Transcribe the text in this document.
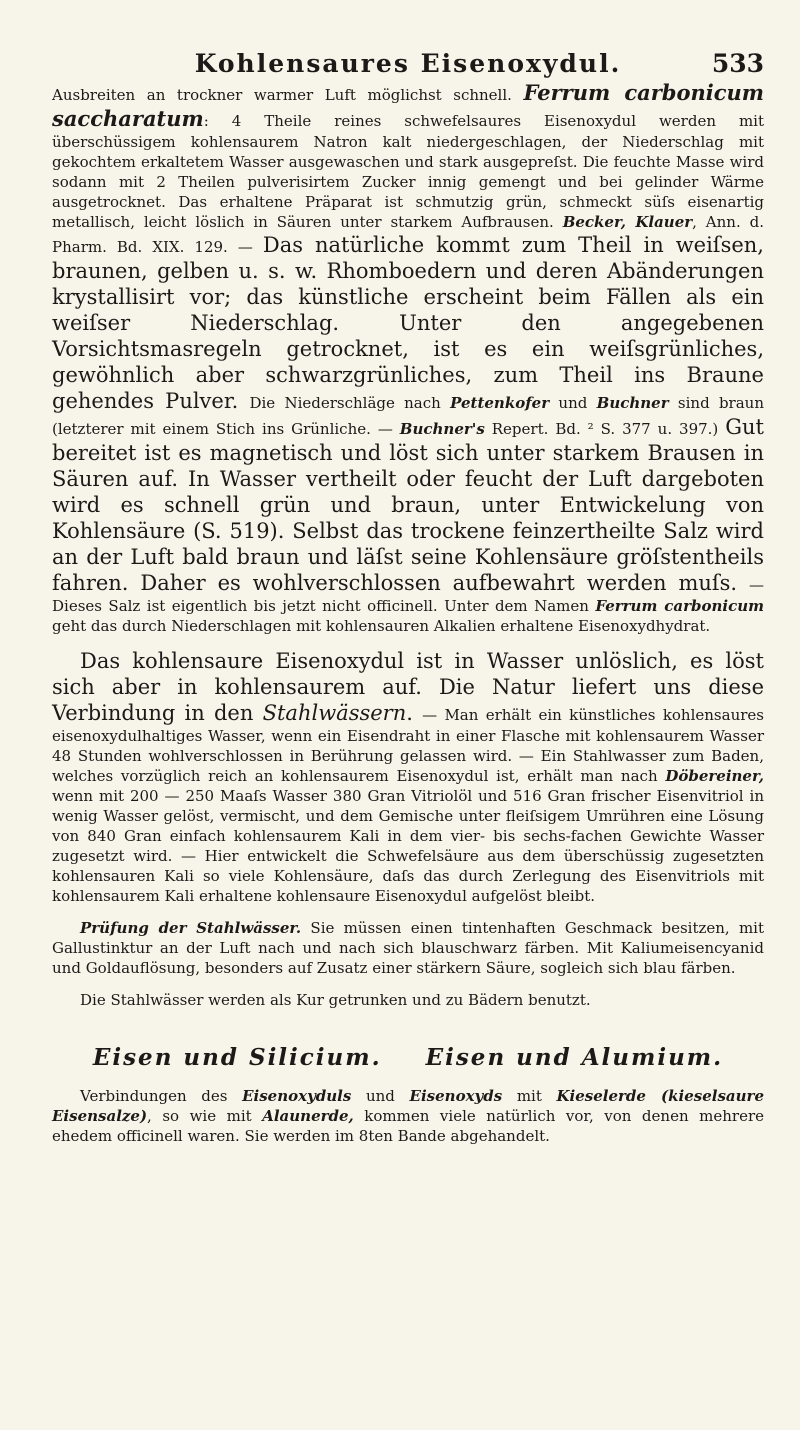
Kohlensaures Eisenoxydul.	533

Ausbreiten an trockner warmer Luft möglichst schnell. Ferrum carbonicum saccharatum: 4 Theile reines schwefelsaures Eisenoxydul werden mit überschüssigem kohlensaurem Natron kalt niedergeschlagen, der Niederschlag mit gekochtem erkaltetem Wasser ausgewaschen und stark ausgepreſst. Die feuchte Masse wird sodann mit 2 Theilen pulverisirtem Zucker innig gemengt und bei gelinder Wärme ausgetrocknet. Das erhaltene Präparat ist schmutzig grün, schmeckt süſs eisenartig metallisch, leicht löslich in Säuren unter starkem Aufbrausen. Becker, Klauer, Ann. d. Pharm. Bd. XIX. 129. — Das natürliche kommt zum Theil in weiſsen, braunen, gelben u. s. w. Rhomboedern und deren Abänderungen krystallisirt vor; das künstliche erscheint beim Fällen als ein weiſser Niederschlag. Unter den angegebenen Vorsichtsmasregeln getrocknet, ist es ein weiſsgrünliches, gewöhnlich aber schwarzgrünliches, zum Theil ins Braune gehendes Pulver. Die Niederschläge nach Pettenkofer und Buchner sind braun (letzterer mit einem Stich ins Grünliche. — Buchner's Repert. Bd. ² S. 377 u. 397.) Gut bereitet ist es magnetisch und löst sich unter starkem Brausen in Säuren auf. In Wasser vertheilt oder feucht der Luft dargeboten wird es schnell grün und braun, unter Entwickelung von Kohlensäure (S. 519). Selbst das trockene feinzertheilte Salz wird an der Luft bald braun und läſst seine Kohlensäure gröſstentheils fahren. Daher es wohlverschlossen aufbewahrt werden muſs. — Dieses Salz ist eigentlich bis jetzt nicht officinell. Unter dem Namen Ferrum carbonicum geht das durch Niederschlagen mit kohlensauren Alkalien erhaltene Eisenoxydhydrat.

Das kohlensaure Eisenoxydul ist in Wasser unlöslich, es löst sich aber in kohlensaurem auf. Die Natur liefert uns diese Verbindung in den Stahlwässern. — Man erhält ein künstliches kohlensaures eisenoxydulhaltiges Wasser, wenn ein Eisendraht in einer Flasche mit kohlensaurem Wasser 48 Stunden wohlverschlossen in Berührung gelassen wird. — Ein Stahlwasser zum Baden, welches vorzüglich reich an kohlensaurem Eisenoxydul ist, erhält man nach Döbereiner, wenn mit 200 — 250 Maaſs Wasser 380 Gran Vitriolöl und 516 Gran frischer Eisenvitriol in wenig Wasser gelöst, vermischt, und dem Gemische unter fleiſsigem Umrühren eine Lösung von 840 Gran einfach kohlensaurem Kali in dem vier- bis sechs-fachen Gewichte Wasser zugesetzt wird. — Hier entwickelt die Schwefelsäure aus dem überschüssig zugesetzten kohlensauren Kali so viele Kohlensäure, daſs das durch Zerlegung des Eisenvitriols mit kohlensaurem Kali erhaltene kohlensaure Eisenoxydul aufgelöst bleibt.

Prüfung der Stahlwässer. Sie müssen einen tintenhaften Geschmack besitzen, mit Gallustinktur an der Luft nach und nach sich blauschwarz färben. Mit Kaliumeisencyanid und Goldauflösung, besonders auf Zusatz einer stärkern Säure, sogleich sich blau färben.

Die Stahlwässer werden als Kur getrunken und zu Bädern benutzt.

Eisen und Silicium. Eisen und Alumium.

Verbindungen des Eisenoxyduls und Eisenoxyds mit Kieselerde (kieselsaure Eisensalze), so wie mit Alaunerde, kommen viele natürlich vor, von denen mehrere ehedem officinell waren. Sie werden im 8ten Bande abgehandelt.
